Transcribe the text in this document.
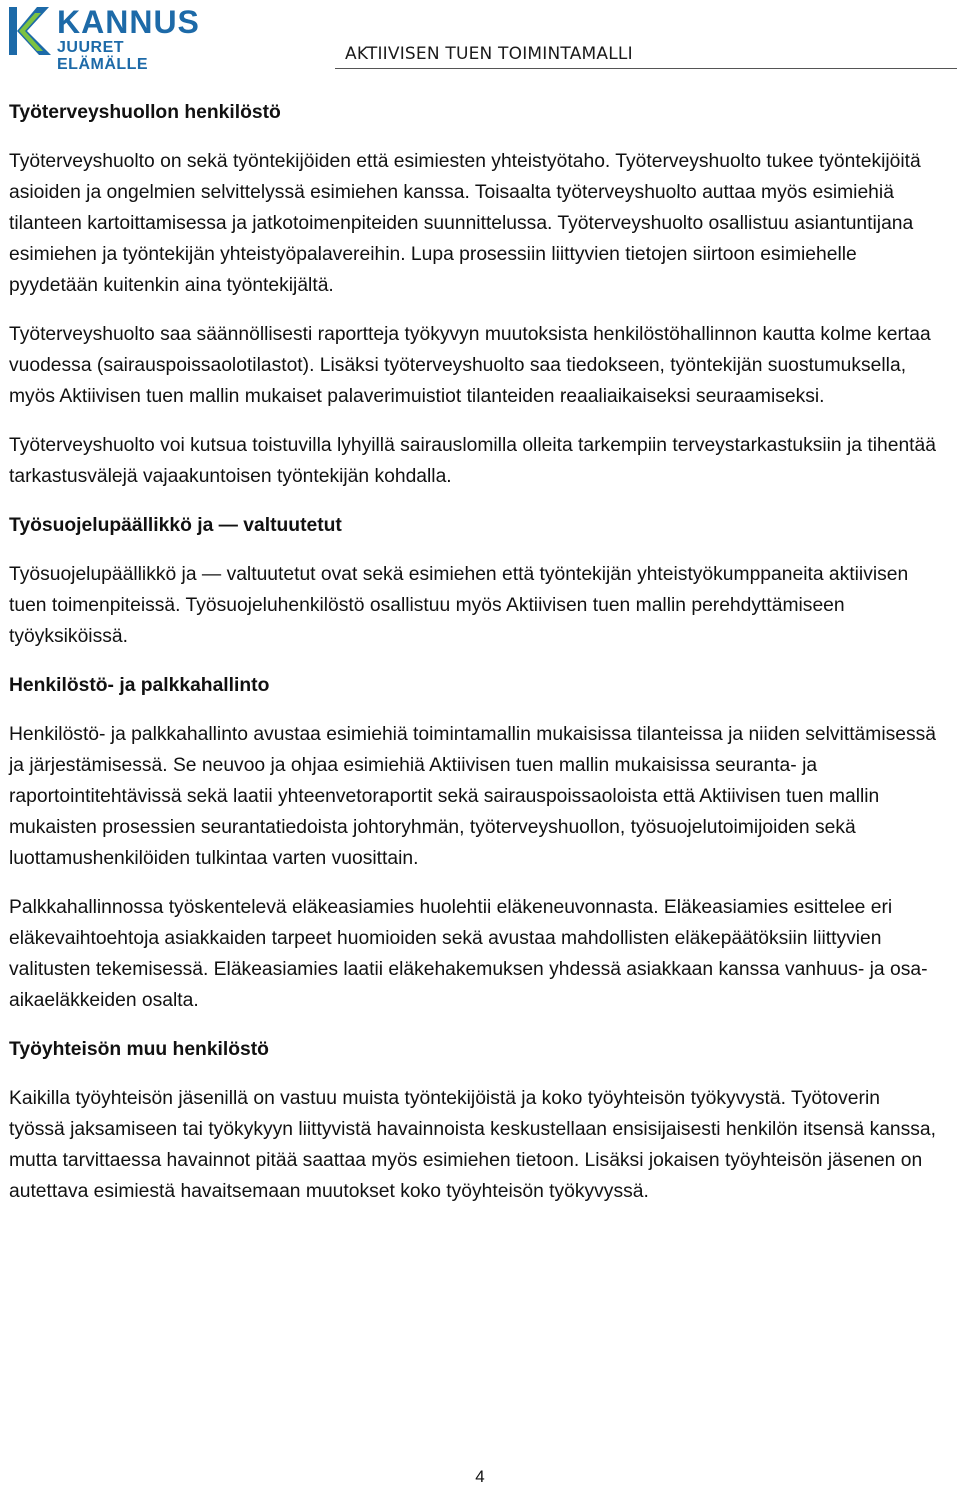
KANNUS
JUURET ELÄMÄLLE
AKTIIVISEN TUEN TOIMINTAMALLI
Työterveyshuollon henkilöstö

Työterveyshuolto on sekä työntekijöiden että esimiesten yhteistyötaho. Työterveyshuolto tukee työntekijöitä asioiden ja ongelmien selvittelyssä esimiehen kanssa. Toisaalta työterveyshuolto auttaa myös esimiehiä tilanteen kartoittamisessa ja jatkotoimenpiteiden suunnittelussa. Työterveyshuolto osallistuu asiantuntijana esimiehen ja työntekijän yhteistyöpalavereihin. Lupa prosessiin liittyvien tietojen siirtoon esimiehelle pyydetään kuitenkin aina työntekijältä.

Työterveyshuolto saa säännöllisesti raportteja työkyvyn muutoksista henkilöstöhallinnon kautta kolme kertaa vuodessa (sairauspoissaolotilastot). Lisäksi työterveyshuolto saa tiedokseen, työntekijän suostumuksella, myös Aktiivisen tuen mallin mukaiset palaverimuistiot tilanteiden reaaliaikaiseksi seuraamiseksi.

Työterveyshuolto voi kutsua toistuvilla lyhyillä sairauslomilla olleita tarkempiin terveystarkastuksiin ja tihentää tarkastusvälejä vajaakuntoisen työntekijän kohdalla.

Työsuojelupäällikkö ja — valtuutetut

Työsuojelupäällikkö ja — valtuutetut ovat sekä esimiehen että työntekijän yhteistyökumppaneita aktiivisen tuen toimenpiteissä. Työsuojeluhenkilöstö osallistuu myös Aktiivisen tuen mallin perehdyttämiseen työyksiköissä.

Henkilöstö- ja palkkahallinto

Henkilöstö- ja palkkahallinto avustaa esimiehiä toimintamallin mukaisissa tilanteissa ja niiden selvittämisessä ja järjestämisessä. Se neuvoo ja ohjaa esimiehiä Aktiivisen tuen mallin mukaisissa seuranta- ja raportointitehtävissä sekä laatii yhteenvetoraportit sekä sairauspoissaoloista että Aktiivisen tuen mallin mukaisten prosessien seurantatiedoista johtoryhmän, työterveyshuollon, työsuojelutoimijoiden sekä luottamushenkilöiden tulkintaa varten vuosittain.

Palkkahallinnossa työskentelevä eläkeasiamies huolehtii eläkeneuvonnasta. Eläkeasiamies esittelee eri eläkevaihtoehtoja asiakkaiden tarpeet huomioiden sekä avustaa mahdollisten eläkepäätöksiin liittyvien valitusten tekemisessä. Eläkeasiamies laatii eläkehakemuksen yhdessä asiakkaan kanssa vanhuus- ja osa-aikaeläkkeiden osalta.

Työyhteisön muu henkilöstö

Kaikilla työyhteisön jäsenillä on vastuu muista työntekijöistä ja koko työyhteisön työkyvystä. Työtoverin työssä jaksamiseen tai työkykyyn liittyvistä havainnoista keskustellaan ensisijaisesti henkilön itsensä kanssa, mutta tarvittaessa havainnot pitää saattaa myös esimiehen tietoon. Lisäksi jokaisen työyhteisön jäsenen on autettava esimiestä havaitsemaan muutokset koko työyhteisön työkyvyssä.

4
